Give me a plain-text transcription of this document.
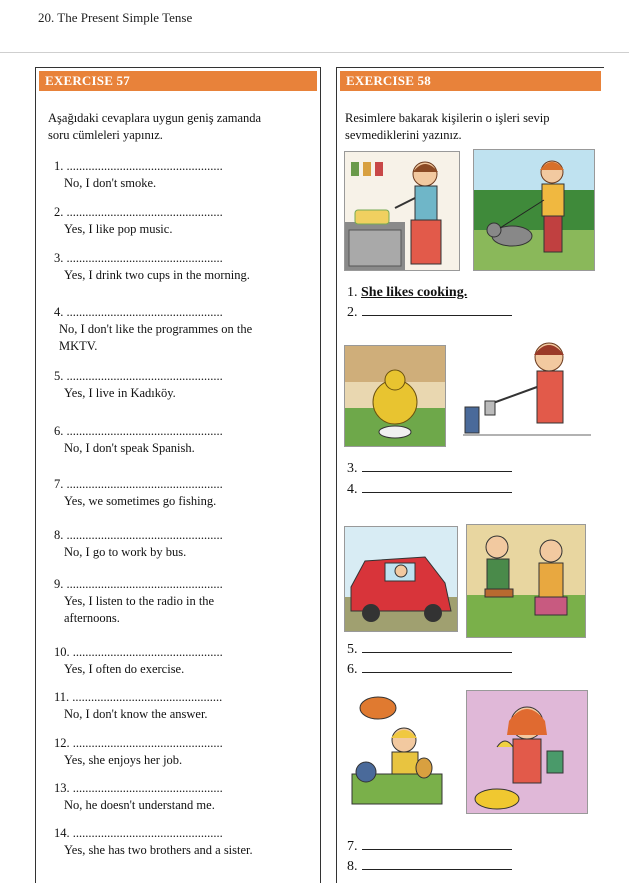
20. The Present Simple Tense
EXERCISE 57
Aşağıdaki cevaplara uygun geniş zamanda
soru cümleleri yapınız.
1. ..................................................
No, I don't smoke.
2. ..................................................
Yes, I like pop music.
3. ..................................................
Yes, I drink two cups in the morning.
4. ..................................................
No, I don't like the programmes on the MKTV.
5. ..................................................
Yes, I live in Kadıköy.
6. ..................................................
No, I don't speak Spanish.
7. ..................................................
Yes, we sometimes go fishing.
8. ..................................................
No, I go to work by bus.
9. ..................................................
Yes, I listen to the radio in the afternoons.
10. ................................................
Yes, I often do exercise.
11. ................................................
No, I don't know the answer.
12. ................................................
Yes, she enjoys her job.
13. ................................................
No, he doesn't understand me.
14. ................................................
Yes, she has two brothers and a sister.
EXERCISE 58
Resimlere bakarak kişilerin o işleri sevip
sevmediklerini yazınız.
1. She likes cooking.
2.
3.
4.
5.
6.
7.
8.
